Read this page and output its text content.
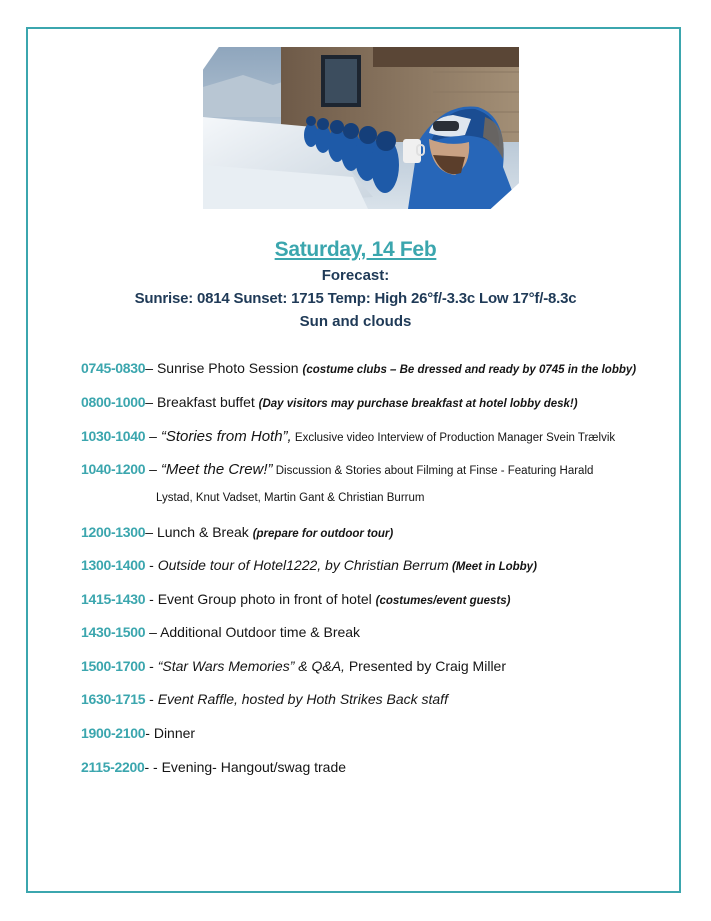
Saturday, 14 Feb
Forecast:
Sunrise: 0814 Sunset: 1715 Temp: High 26°f/-3.3c Low 17°f/-8.3c
Sun and clouds
0745-0830– Sunrise Photo Session (costume clubs – Be dressed and ready by 0745 in the lobby)
0800-1000– Breakfast buffet (Day visitors may purchase breakfast at hotel lobby desk!)
1030-1040 – “Stories from Hoth”, Exclusive video Interview of Production Manager Svein Trælvik
1040-1200 – “Meet the Crew!” Discussion & Stories about Filming at Finse - Featuring Harald
Lystad, Knut Vadset, Martin Gant & Christian Burrum
1200-1300– Lunch & Break (prepare for outdoor tour)
1300-1400 - Outside tour of Hotel1222, by Christian Berrum (Meet in Lobby)
1415-1430 - Event Group photo in front of hotel (costumes/event guests)
1430-1500 – Additional Outdoor time & Break
1500-1700 - “Star Wars Memories” & Q&A, Presented by Craig Miller
1630-1715 - Event Raffle, hosted by Hoth Strikes Back staff
1900-2100- Dinner
2115-2200- - Evening- Hangout/swag trade
